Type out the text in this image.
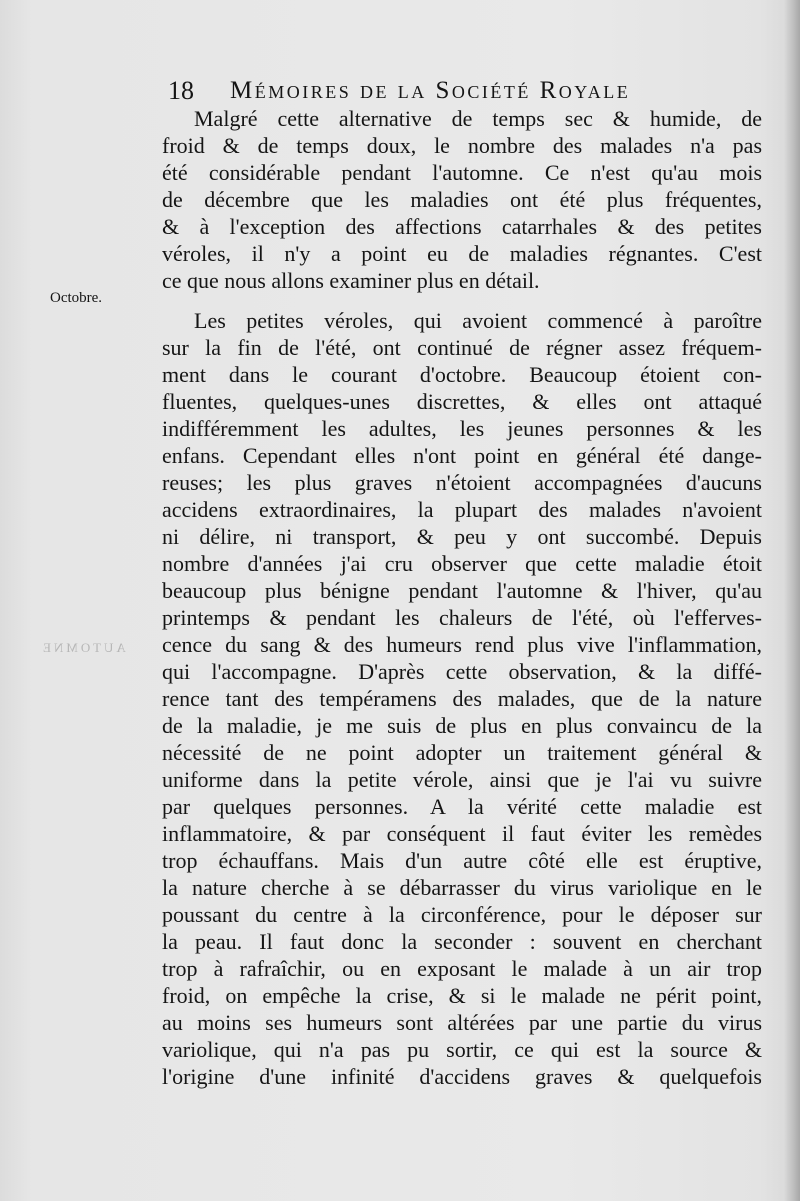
18 Mémoires de la Société Royale
Octobre.
AUTOMNE
Malgré cette alternative de temps sec & humide, de
froid & de temps doux, le nombre des malades n'a pas
été considérable pendant l'automne. Ce n'est qu'au mois
de décembre que les maladies ont été plus fréquentes,
& à l'exception des affections catarrhales & des petites
véroles, il n'y a point eu de maladies régnantes. C'est
ce que nous allons examiner plus en détail.
Les petites véroles, qui avoient commencé à paroître
sur la fin de l'été, ont continué de régner assez fréquem-
ment dans le courant d'octobre. Beaucoup étoient con-
fluentes, quelques-unes discrettes, & elles ont attaqué
indifféremment les adultes, les jeunes personnes & les
enfans. Cependant elles n'ont point en général été dange-
reuses; les plus graves n'étoient accompagnées d'aucuns
accidens extraordinaires, la plupart des malades n'avoient
ni délire, ni transport, & peu y ont succombé. Depuis
nombre d'années j'ai cru observer que cette maladie étoit
beaucoup plus bénigne pendant l'automne & l'hiver, qu'au
printemps & pendant les chaleurs de l'été, où l'efferves-
cence du sang & des humeurs rend plus vive l'inflammation,
qui l'accompagne. D'après cette observation, & la diffé-
rence tant des tempéramens des malades, que de la nature
de la maladie, je me suis de plus en plus convaincu de la
nécessité de ne point adopter un traitement général &
uniforme dans la petite vérole, ainsi que je l'ai vu suivre
par quelques personnes. A la vérité cette maladie est
inflammatoire, & par conséquent il faut éviter les remèdes
trop échauffans. Mais d'un autre côté elle est éruptive,
la nature cherche à se débarrasser du virus variolique en le
poussant du centre à la circonférence, pour le déposer sur
la peau. Il faut donc la seconder : souvent en cherchant
trop à rafraîchir, ou en exposant le malade à un air trop
froid, on empêche la crise, & si le malade ne périt point,
au moins ses humeurs sont altérées par une partie du virus
variolique, qui n'a pas pu sortir, ce qui est la source &
l'origine d'une infinité d'accidens graves & quelquefois
